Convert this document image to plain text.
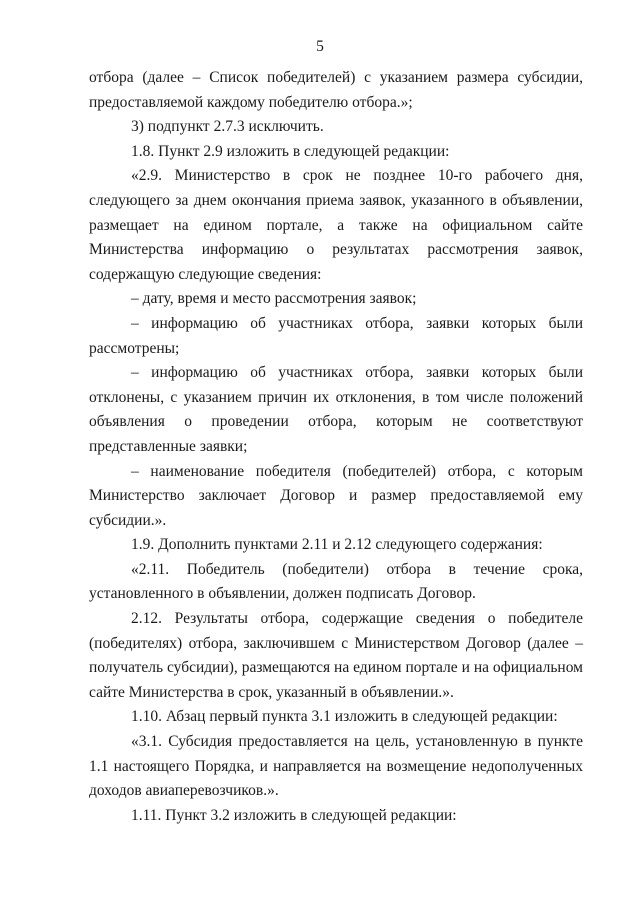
5

отбора (далее – Список победителей) с указанием размера субсидии, предоставляемой каждому победителю отбора.»;

3) подпункт 2.7.3 исключить.

1.8. Пункт 2.9 изложить в следующей редакции:

«2.9. Министерство в срок не позднее 10-го рабочего дня, следующего за днем окончания приема заявок, указанного в объявлении, размещает на едином портале, а также на официальном сайте Министерства информацию о результатах рассмотрения заявок, содержащую следующие сведения:

– дату, время и место рассмотрения заявок;

– информацию об участниках отбора, заявки которых были рассмотрены;

– информацию об участниках отбора, заявки которых были отклонены, с указанием причин их отклонения, в том числе положений объявления о проведении отбора, которым не соответствуют представленные заявки;

– наименование победителя (победителей) отбора, с которым Министерство заключает Договор и размер предоставляемой ему субсидии.».

1.9. Дополнить пунктами 2.11 и 2.12 следующего содержания:

«2.11. Победитель (победители) отбора в течение срока, установленного в объявлении, должен подписать Договор.

2.12. Результаты отбора, содержащие сведения о победителе (победителях) отбора, заключившем с Министерством Договор (далее – получатель субсидии), размещаются на едином портале и на официальном сайте Министерства в срок, указанный в объявлении.».

1.10. Абзац первый пункта 3.1 изложить в следующей редакции:

«3.1. Субсидия предоставляется на цель, установленную в пункте 1.1 настоящего Порядка, и направляется на возмещение недополученных доходов авиаперевозчиков.».

1.11. Пункт 3.2 изложить в следующей редакции:
